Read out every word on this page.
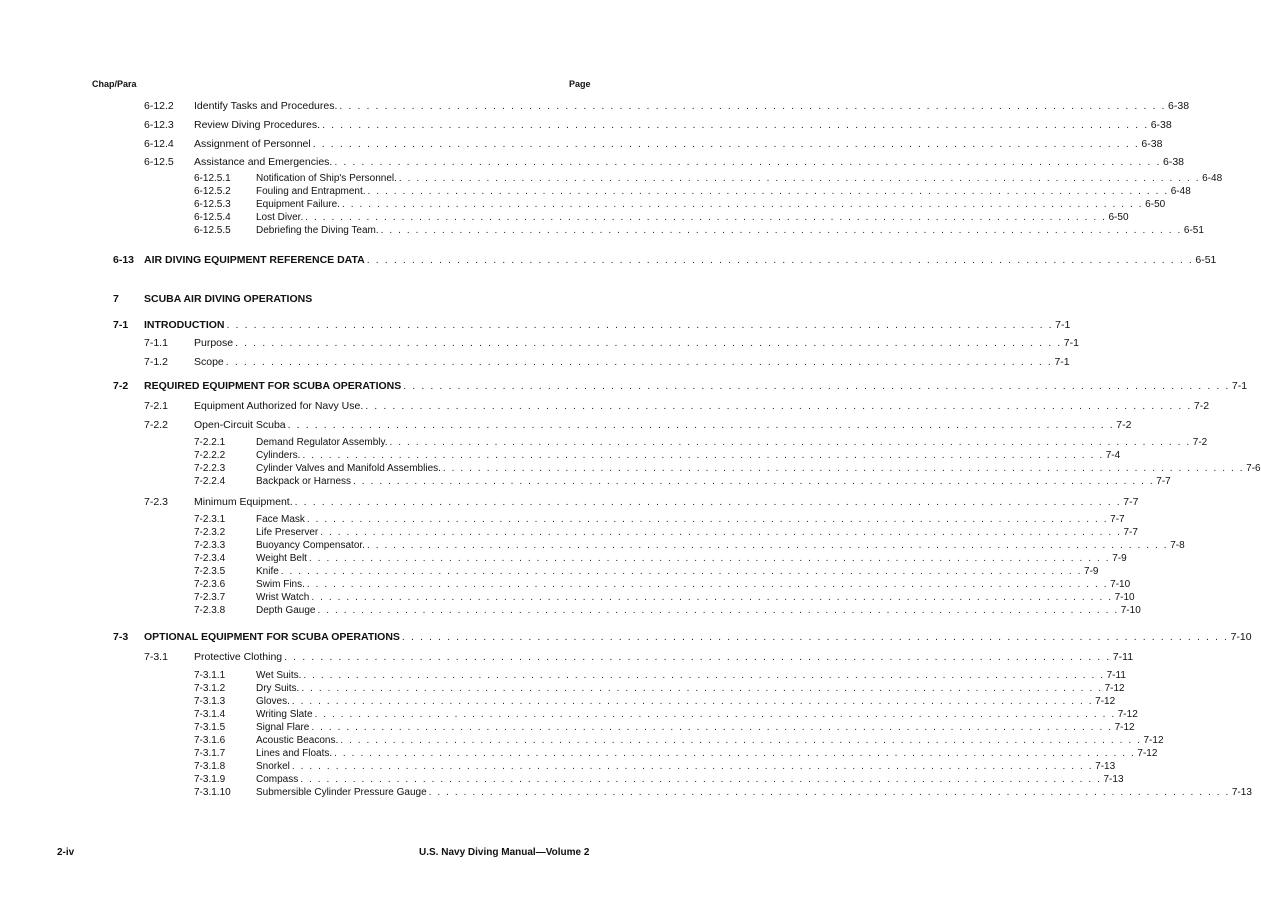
Chap/Para	Page
6-12.2 Identify Tasks and Procedures. . . . . . . . . . . . . . . . . . . . . . . . . . . . . . . . . . . . . . . . . . . . . . . . . . . . . . . . . . . . . . . . . . . . . . . . . . . . . . . . . . . . . . . . . . . . . 6-38
6-12.3 Review Diving Procedures. . . . . . . . . . . . . . . . . . . . . . . . . . . . . . . . . . . . . . . . . . . . . . . . . . . . . . . . . . . . . . . . . . . . . . . . . . . . . . . . . . . . . . . . . . . . . 6-38
6-12.4 Assignment of Personnel . . . . . . . . . . . . . . . . . . . . . . . . . . . . . . . . . . . . . . . . . . . . . . . . . . . . . . . . . . . . . . . . . . . . . . . . . . . . . . . . . . . . . . . . . . . . 6-38
6-12.5 Assistance and Emergencies. . . . . . . . . . . . . . . . . . . . . . . . . . . . . . . . . . . . . . . . . . . . . . . . . . . . . . . . . . . . . . . . . . . . . . . . . . . . . . . . . . . . . . . . . . . . . 6-38
6-12.5.1	Notification of Ship's Personnel. . . . . . . . . . . . . . . . . . . . . . . . . . . . . . . . . . . . . . . . . . . . . . . . . . . . . . . . . . . . . . . . . . . . . . . . . . . . . . . . . . . . . . . . . . . . . 6-48
6-12.5.2	Fouling and Entrapment. . . . . . . . . . . . . . . . . . . . . . . . . . . . . . . . . . . . . . . . . . . . . . . . . . . . . . . . . . . . . . . . . . . . . . . . . . . . . . . . . . . . . . . . . . . . . 6-48
6-12.5.3	Equipment Failure. . . . . . . . . . . . . . . . . . . . . . . . . . . . . . . . . . . . . . . . . . . . . . . . . . . . . . . . . . . . . . . . . . . . . . . . . . . . . . . . . . . . . . . . . . . . . 6-50
6-12.5.4	Lost Diver. . . . . . . . . . . . . . . . . . . . . . . . . . . . . . . . . . . . . . . . . . . . . . . . . . . . . . . . . . . . . . . . . . . . . . . . . . . . . . . . . . . . . . . . . . . . . 6-50
6-12.5.5	Debriefing the Diving Team. . . . . . . . . . . . . . . . . . . . . . . . . . . . . . . . . . . . . . . . . . . . . . . . . . . . . . . . . . . . . . . . . . . . . . . . . . . . . . . . . . . . . . . . . . . . . 6-51
6-13 AIR DIVING EQUIPMENT REFERENCE DATA . . . . . . . . . . . . . . . . . . . . . . . . . . . . . . . . . . . . . . . . . . . . . . . . . . . . . . . . . . . . . . . . . . . . . . . . . . . . . . . . . . . . . . . . . . . . 6-51
7 SCUBA AIR DIVING OPERATIONS
7-1 INTRODUCTION . . . . . . . . . . . . . . . . . . . . . . . . . . . . . . . . . . . . . . . . . . . . . . . . . . . . . . . . . . . . . . . . . . . . . . . . . . . . . . . . . . . . . . . . . . . . 7-1
7-1.1 Purpose . . . . . . . . . . . . . . . . . . . . . . . . . . . . . . . . . . . . . . . . . . . . . . . . . . . . . . . . . . . . . . . . . . . . . . . . . . . . . . . . . . . . . . . . . . . . 7-1
7-1.2 Scope . . . . . . . . . . . . . . . . . . . . . . . . . . . . . . . . . . . . . . . . . . . . . . . . . . . . . . . . . . . . . . . . . . . . . . . . . . . . . . . . . . . . . . . . . . . . 7-1
7-2 REQUIRED EQUIPMENT FOR SCUBA OPERATIONS . . . . . . . . . . . . . . . . . . . . . . . . . . . . . . . . . . . . . . . . . . . . . . . . . . . . . . . . . . . . . . . . . . . . . . . . . . . . . . . . . . . . . . . . . . . . 7-1
7-2.1 Equipment Authorized for Navy Use. . . . . . . . . . . . . . . . . . . . . . . . . . . . . . . . . . . . . . . . . . . . . . . . . . . . . . . . . . . . . . . . . . . . . . . . . . . . . . . . . . . . . . . . . . . . . 7-2
7-2.2 Open-Circuit Scuba . . . . . . . . . . . . . . . . . . . . . . . . . . . . . . . . . . . . . . . . . . . . . . . . . . . . . . . . . . . . . . . . . . . . . . . . . . . . . . . . . . . . . . . . . . . . 7-2
7-2.2.1	Demand Regulator Assembly. . . . . . . . . . . . . . . . . . . . . . . . . . . . . . . . . . . . . . . . . . . . . . . . . . . . . . . . . . . . . . . . . . . . . . . . . . . . . . . . . . . . . . . . . . . . . 7-2
7-2.2.2	Cylinders. . . . . . . . . . . . . . . . . . . . . . . . . . . . . . . . . . . . . . . . . . . . . . . . . . . . . . . . . . . . . . . . . . . . . . . . . . . . . . . . . . . . . . . . . . . . . 7-4
7-2.2.3	Cylinder Valves and Manifold Assemblies. . . . . . . . . . . . . . . . . . . . . . . . . . . . . . . . . . . . . . . . . . . . . . . . . . . . . . . . . . . . . . . . . . . . . . . . . . . . . . . . . . . . . . . . . . . . . 7-6
7-2.2.4	Backpack or Harness . . . . . . . . . . . . . . . . . . . . . . . . . . . . . . . . . . . . . . . . . . . . . . . . . . . . . . . . . . . . . . . . . . . . . . . . . . . . . . . . . . . . . . . . . . . . 7-7
7-2.3 Minimum Equipment. . . . . . . . . . . . . . . . . . . . . . . . . . . . . . . . . . . . . . . . . . . . . . . . . . . . . . . . . . . . . . . . . . . . . . . . . . . . . . . . . . . . . . . . . . . . . 7-7
7-2.3.1	Face Mask . . . . . . . . . . . . . . . . . . . . . . . . . . . . . . . . . . . . . . . . . . . . . . . . . . . . . . . . . . . . . . . . . . . . . . . . . . . . . . . . . . . . . . . . . . . . 7-7
7-2.3.2	Life Preserver . . . . . . . . . . . . . . . . . . . . . . . . . . . . . . . . . . . . . . . . . . . . . . . . . . . . . . . . . . . . . . . . . . . . . . . . . . . . . . . . . . . . . . . . . . . . 7-7
7-2.3.3	Buoyancy Compensator. . . . . . . . . . . . . . . . . . . . . . . . . . . . . . . . . . . . . . . . . . . . . . . . . . . . . . . . . . . . . . . . . . . . . . . . . . . . . . . . . . . . . . . . . . . . . 7-8
7-2.3.4	Weight Belt . . . . . . . . . . . . . . . . . . . . . . . . . . . . . . . . . . . . . . . . . . . . . . . . . . . . . . . . . . . . . . . . . . . . . . . . . . . . . . . . . . . . . . . . . . . . 7-9
7-2.3.5	Knife . . . . . . . . . . . . . . . . . . . . . . . . . . . . . . . . . . . . . . . . . . . . . . . . . . . . . . . . . . . . . . . . . . . . . . . . . . . . . . . . . . . . . . . . . . . . 7-9
7-2.3.6	Swim Fins. . . . . . . . . . . . . . . . . . . . . . . . . . . . . . . . . . . . . . . . . . . . . . . . . . . . . . . . . . . . . . . . . . . . . . . . . . . . . . . . . . . . . . . . . . . . . 7-10
7-2.3.7	Wrist Watch . . . . . . . . . . . . . . . . . . . . . . . . . . . . . . . . . . . . . . . . . . . . . . . . . . . . . . . . . . . . . . . . . . . . . . . . . . . . . . . . . . . . . . . . . . . . 7-10
7-2.3.8	Depth Gauge . . . . . . . . . . . . . . . . . . . . . . . . . . . . . . . . . . . . . . . . . . . . . . . . . . . . . . . . . . . . . . . . . . . . . . . . . . . . . . . . . . . . . . . . . . . . 7-10
7-3 OPTIONAL EQUIPMENT FOR SCUBA OPERATIONS . . . . . . . . . . . . . . . . . . . . . . . . . . . . . . . . . . . . . . . . . . . . . . . . . . . . . . . . . . . . . . . . . . . . . . . . . . . . . . . . . . . . . . . . . . . . 7-10
7-3.1 Protective Clothing . . . . . . . . . . . . . . . . . . . . . . . . . . . . . . . . . . . . . . . . . . . . . . . . . . . . . . . . . . . . . . . . . . . . . . . . . . . . . . . . . . . . . . . . . . . . 7-11
7-3.1.1	Wet Suits. . . . . . . . . . . . . . . . . . . . . . . . . . . . . . . . . . . . . . . . . . . . . . . . . . . . . . . . . . . . . . . . . . . . . . . . . . . . . . . . . . . . . . . . . . . . . 7-11
7-3.1.2	Dry Suits. . . . . . . . . . . . . . . . . . . . . . . . . . . . . . . . . . . . . . . . . . . . . . . . . . . . . . . . . . . . . . . . . . . . . . . . . . . . . . . . . . . . . . . . . . . . . 7-12
7-3.1.3	Gloves. . . . . . . . . . . . . . . . . . . . . . . . . . . . . . . . . . . . . . . . . . . . . . . . . . . . . . . . . . . . . . . . . . . . . . . . . . . . . . . . . . . . . . . . . . . . . 7-12
7-3.1.4	Writing Slate . . . . . . . . . . . . . . . . . . . . . . . . . . . . . . . . . . . . . . . . . . . . . . . . . . . . . . . . . . . . . . . . . . . . . . . . . . . . . . . . . . . . . . . . . . . . 7-12
7-3.1.5	Signal Flare . . . . . . . . . . . . . . . . . . . . . . . . . . . . . . . . . . . . . . . . . . . . . . . . . . . . . . . . . . . . . . . . . . . . . . . . . . . . . . . . . . . . . . . . . . . . 7-12
7-3.1.6	Acoustic Beacons. . . . . . . . . . . . . . . . . . . . . . . . . . . . . . . . . . . . . . . . . . . . . . . . . . . . . . . . . . . . . . . . . . . . . . . . . . . . . . . . . . . . . . . . . . . . . 7-12
7-3.1.7	Lines and Floats. . . . . . . . . . . . . . . . . . . . . . . . . . . . . . . . . . . . . . . . . . . . . . . . . . . . . . . . . . . . . . . . . . . . . . . . . . . . . . . . . . . . . . . . . . . . . 7-12
7-3.1.8	Snorkel . . . . . . . . . . . . . . . . . . . . . . . . . . . . . . . . . . . . . . . . . . . . . . . . . . . . . . . . . . . . . . . . . . . . . . . . . . . . . . . . . . . . . . . . . . . . 7-13
7-3.1.9	Compass . . . . . . . . . . . . . . . . . . . . . . . . . . . . . . . . . . . . . . . . . . . . . . . . . . . . . . . . . . . . . . . . . . . . . . . . . . . . . . . . . . . . . . . . . . . . 7-13
7-3.1.10	Submersible Cylinder Pressure Gauge . . . . . . . . . . . . . . . . . . . . . . . . . . . . . . . . . . . . . . . . . . . . . . . . . . . . . . . . . . . . . . . . . . . . . . . . . . . . . . . . . . . . . . . . . . . . 7-13
2-iv	U.S. Navy Diving Manual—Volume 2
